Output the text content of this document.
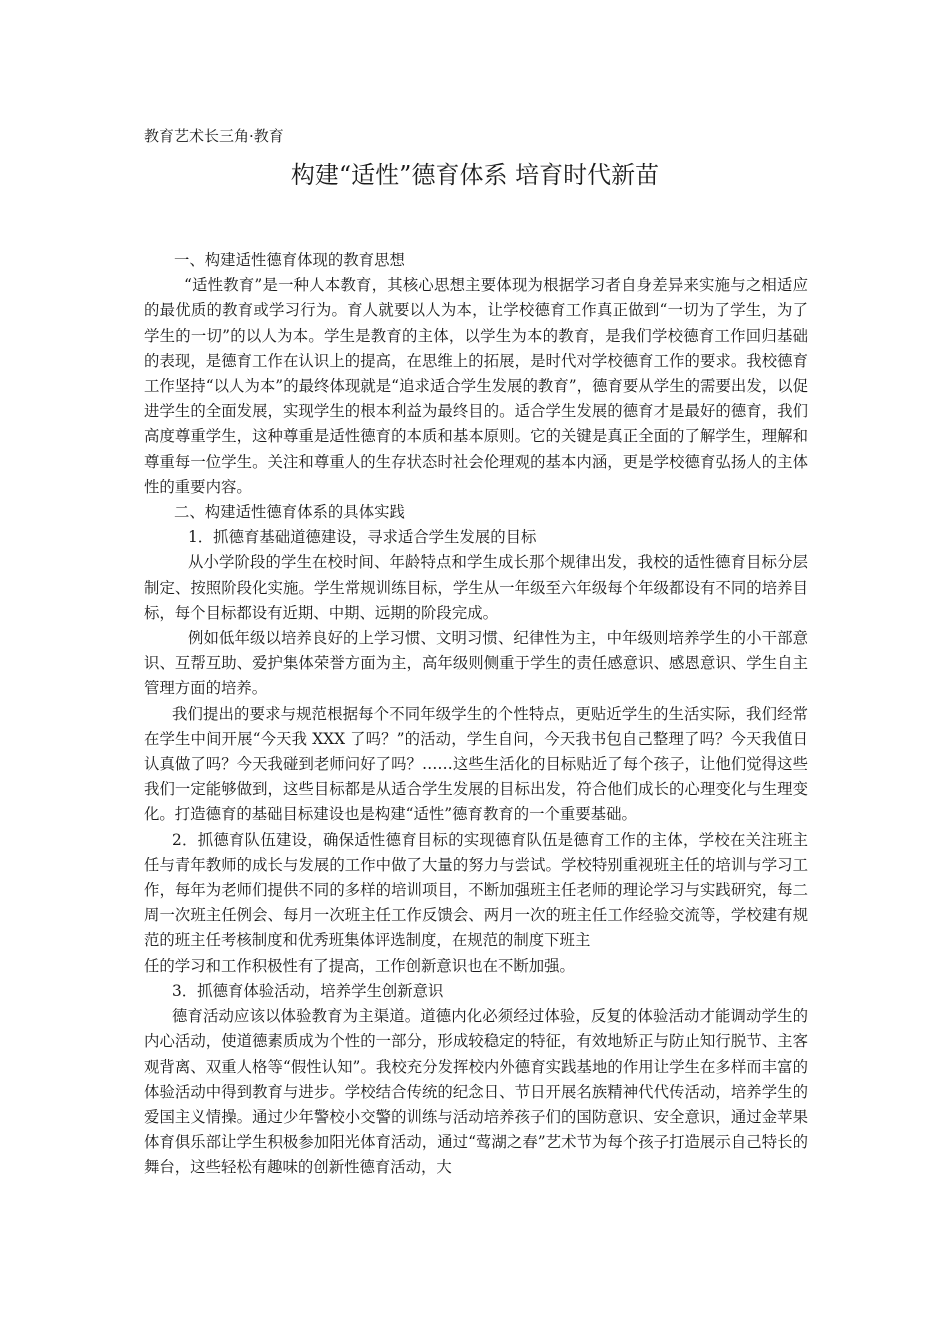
教育艺术长三角·教育
构建“适性”德育体系 培育时代新苗

一、构建适性德育体现的教育思想

“适性教育”是一种人本教育，其核心思想主要体现为根据学习者自身差异来实施与之相适应的最优质的教育或学习行为。育人就要以人为本，让学校德育工作真正做到“一切为了学生，为了学生的一切”的以人为本。学生是教育的主体，以学生为本的教育，是我们学校德育工作回归基础的表现，是德育工作在认识上的提高，在思维上的拓展，是时代对学校德育工作的要求。我校德育工作坚持“以人为本”的最终体现就是“追求适合学生发展的教育”，德育要从学生的需要出发，以促进学生的全面发展，实现学生的根本利益为最终目的。适合学生发展的德育才是最好的德育，我们高度尊重学生，这种尊重是适性德育的本质和基本原则。它的关键是真正全面的了解学生，理解和尊重每一位学生。关注和尊重人的生存状态时社会伦理观的基本内涵，更是学校德育弘扬人的主体性的重要内容。

二、构建适性德育体系的具体实践

1．抓德育基础道德建设，寻求适合学生发展的目标

从小学阶段的学生在校时间、年龄特点和学生成长那个规律出发，我校的适性德育目标分层制定、按照阶段化实施。学生常规训练目标，学生从一年级至六年级每个年级都设有不同的培养目标，每个目标都设有近期、中期、远期的阶段完成。

例如低年级以培养良好的上学习惯、文明习惯、纪律性为主，中年级则培养学生的小干部意识、互帮互助、爱护集体荣誉方面为主，高年级则侧重于学生的责任感意识、感恩意识、学生自主管理方面的培养。

我们提出的要求与规范根据每个不同年级学生的个性特点，更贴近学生的生活实际，我们经常在学生中间开展“今天我 XXX 了吗？”的活动，学生自问，今天我书包自己整理了吗？今天我值日认真做了吗？今天我碰到老师问好了吗？……这些生活化的目标贴近了每个孩子，让他们觉得这些我们一定能够做到，这些目标都是从适合学生发展的目标出发，符合他们成长的心理变化与生理变化。打造德育的基础目标建设也是构建“适性”德育教育的一个重要基础。

2．抓德育队伍建设，确保适性德育目标的实现德育队伍是德育工作的主体，学校在关注班主任与青年教师的成长与发展的工作中做了大量的努力与尝试。学校特别重视班主任的培训与学习工作，每年为老师们提供不同的多样的培训项目，不断加强班主任老师的理论学习与实践研究，每二周一次班主任例会、每月一次班主任工作反馈会、两月一次的班主任工作经验交流等，学校建有规范的班主任考核制度和优秀班集体评选制度，在规范的制度下班主

任的学习和工作积极性有了提高，工作创新意识也在不断加强。

3．抓德育体验活动，培养学生创新意识

德育活动应该以体验教育为主渠道。道德内化必须经过体验，反复的体验活动才能调动学生的内心活动，使道德素质成为个性的一部分，形成较稳定的特征，有效地矫正与防止知行脱节、主客观背离、双重人格等“假性认知”。我校充分发挥校内外德育实践基地的作用让学生在多样而丰富的体验活动中得到教育与进步。学校结合传统的纪念日、节日开展名族精神代代传活动，培养学生的爱国主义情操。通过少年警校小交警的训练与活动培养孩子们的国防意识、安全意识，通过金苹果体育俱乐部让学生积极参加阳光体育活动，通过“莺湖之春”艺术节为每个孩子打造展示自己特长的舞台，这些轻松有趣味的创新性德育活动，大
